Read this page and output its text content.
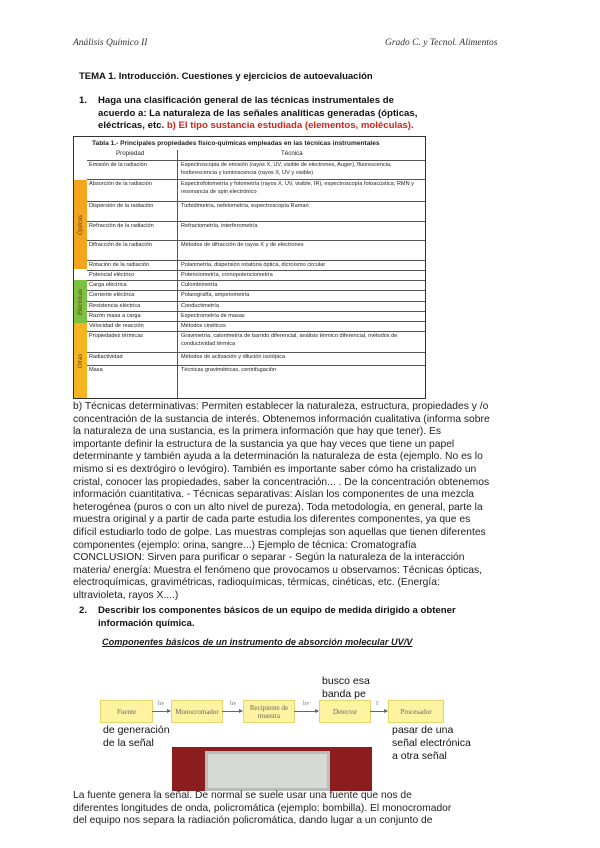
Análisis Químico II	Grado C. y Tecnol. Alimentos
TEMA 1. Introducción. Cuestiones y ejercicios de autoevaluación
1. Haga una clasificación general de las técnicas instrumentales de acuerdo a: La naturaleza de las señales analíticas generadas (ópticas, eléctricas, etc. b) El tipo sustancia estudiada (elementos, moléculas).
Tabla 1.- Principales propiedades físico-químicas empleadas en las técnicas instrumentales
Propiedad	Técnica
Ópticas
Eléctricas
Otras
Emisión de la radiación	Espectroscopia de emisión (rayos X, UV, visible de electrones, Auger), fluorescencia, fosforescencia y luminiscencia (rayos X, UV y visible)
Absorción de la radiación	Espectrofotometría y fotometría (rayos X, UV, visible, IR), espectroscopía fotoacústica; RMN y resonancia de spin electrónico
Dispersión de la radiación	Turbidimetría, nefelometría, espectroscopía Raman
Refracción de la radiación	Refractometría, interferometría
Difracción de la radiación	Métodos de difracción de rayos X y de electrones
Rotación de la radiación	Polarimetría, dispersión rotatoria óptica, dicroísmo circular
Potencial eléctrico	Potenciometría, cronopotenciometría
Carga eléctrica	Culombimetría
Corriente eléctrica	Polarografía, amperometría
Resistencia eléctrica	Conductimetría
Razón masa a carga	Espectrometría de masas
Velocidad de reacción	Métodos cinéticos
Propiedades térmicas	Gravimetría, calorimetría de barrido diferencial, análisis térmico diferencial, métodos de conductividad térmica
Radiactividad	Métodos de activación y dilución isotópica
Masa	Técnicas gravimétricas, centrifugación
b) Técnicas determinativas: Permiten establecer la naturaleza, estructura, propiedades y /o
concentración de la sustancia de interés. Obtenemos información cualitativa (informa sobre
la naturaleza de una sustancia, es la primera información que hay que tener). Es
importante definir la estructura de la sustancia ya que hay veces que tiene un papel
determinante y también ayuda a la determinación la naturaleza de esta (ejemplo. No es lo
mismo si es dextrógiro o levógiro). También es importante saber cómo ha cristalizado un
cristal, conocer las propiedades, saber la concentración... . De la concentración obtenemos
información cuantitativa. - Técnicas separativas: Aíslan los componentes de una mezcla
heterogénea (puros o con un alto nivel de pureza). Toda metodología, en general, parte la
muestra original y a partir de cada parte estudia los diferentes componentes, ya que es
difícil estudiarlo todo de golpe. Las muestras complejas son aquellas que tienen diferentes
componentes (ejemplo: orina, sangre...) Ejemplo de técnica: Cromatografía
CONCLUSION: Sirven para purificar o separar - Según la naturaleza de la interacción
materia/ energía: Muestra el fenómeno que provocamos u observamos: Técnicas ópticas,
electroquímicas, gravimétricas, radioquímicas, térmicas, cinéticas, etc. (Energía:
ultravioleta, rayos X....)
2. Describir los componentes básicos de un equipo de medida dirigido a obtener información química.
Componentes básicos de un instrumento de absorción molecular UV/V
Fuente	Monocromador	Recipiente de muestra	Detector	Procesador
hv	hv	hv	I
busco esa banda pe
de generación de la señal
pasar de una señal electrónica a otra señal
La fuente genera la señal. De normal se suele usar una fuente que nos de
diferentes longitudes de onda, policromática (ejemplo: bombilla). El monocromador
del equipo nos separa la radiación policromática, dando lugar a un conjunto de
